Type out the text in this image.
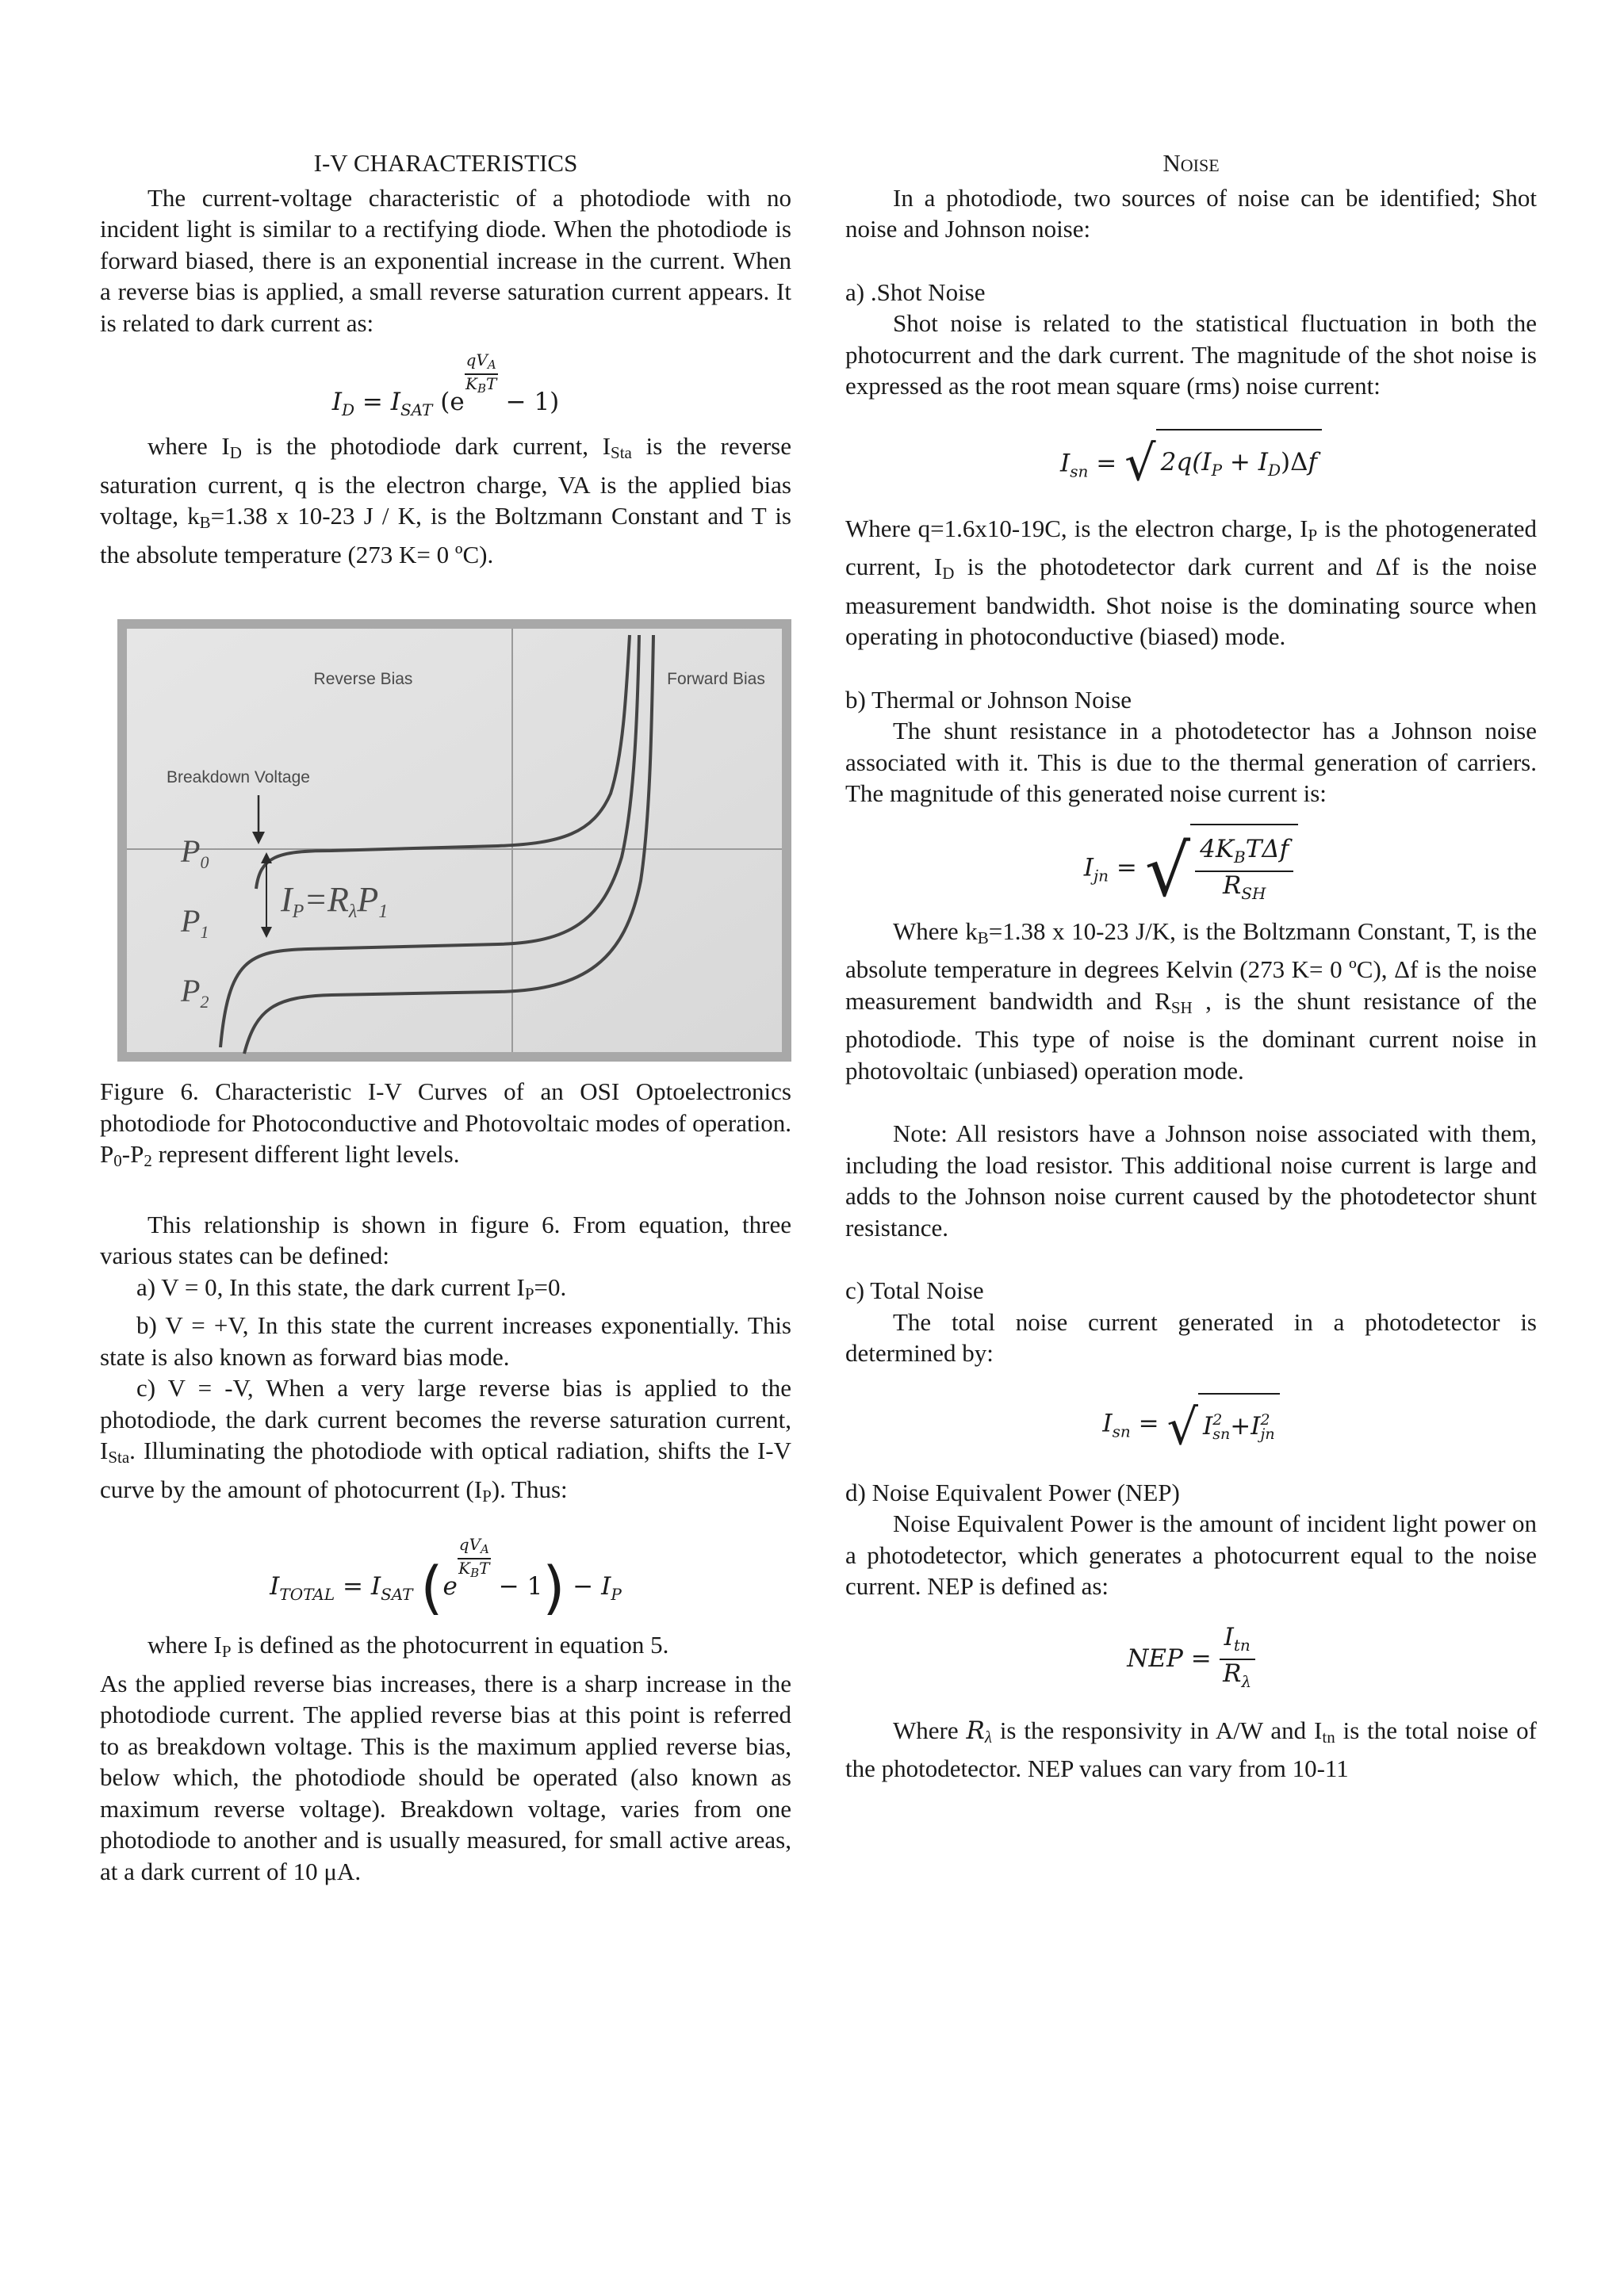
I-V CHARACTERISTICS

The current-voltage characteristic of a photodiode with no incident light is similar to a rectifying diode. When the photodiode is forward biased, there is an exponential increase in the current. When a reverse bias is applied, a small reverse saturation current appears. It is related to dark current as:

$I_D = I_{SAT}$ (e
$\frac{qV_A}{K_BT}$
− 1)

where $I_D$ is the photodiode dark current, $I_{Sta}$ is the reverse saturation current, q is the electron charge, VA is the applied bias voltage, $k_B=1.38$ x 10-23 J / K, is the Boltzmann Constant and T is the absolute temperature (273 K= 0 ºC).

Reverse Bias	Forward Bias
Breakdown Voltage
$P_0$
$P_1$
$P_2$
IP=RλP1

Figure 6. Characteristic I-V Curves of an OSI Optoelectronics photodiode for Photoconductive and Photovoltaic modes of operation. $P_0-P_2$ represent different light levels.

This relationship is shown in figure 6. From equation, three various states can be defined:

a) V = 0, In this state, the dark current $I_P=0$.

b) V = +V, In this state the current increases exponentially. This state is also known as forward bias mode.

c) V = -V, When a very large reverse bias is applied to the photodiode, the dark current becomes the reverse saturation current, $I_{Sta}$. Illuminating the photodiode with optical radiation, shifts the I-V curve by the amount of photocurrent $(I_P)$. Thus:

$I_{TOTAL} = I_{SAT}$ (e
$\frac{qV_A}{K_BT}$
− $1) - I_P$

where $I_P$ is defined as the photocurrent in equation 5.

As the applied reverse bias increases, there is a sharp increase in the photodiode current. The applied reverse bias at this point is referred to as breakdown voltage. This is the maximum applied reverse bias, below which, the photodiode should be operated (also known as maximum reverse voltage). Breakdown voltage, varies from one photodiode to another and is usually measured, for small active areas, at a dark current of 10 μA.

Noise

In a photodiode, two sources of noise can be identified; Shot noise and Johnson noise:

a) .Shot Noise

Shot noise is related to the statistical fluctuation in both the photocurrent and the dark current. The magnitude of the shot noise is expressed as the root mean square (rms) noise current:

$I_{sn}$ = √ $2q(I_P + I_D)\Delta f$

Where q=1.6x10-19C, is the electron charge, $I_P$ is the photogenerated current, $I_D$ is the photodetector dark current and Δf is the noise measurement bandwidth. Shot noise is the dominating source when operating in photoconductive (biased) mode.

b) Thermal or Johnson Noise

The shunt resistance in a photodetector has a Johnson noise associated with it. This is due to the thermal generation of carriers. The magnitude of this generated noise current is:

$I_{jn}$ = √ $\frac{4K_BT\Delta f}{R_{SH}}$

Where $k_B=1.38$ x 10-23 J/K, is the Boltzmann Constant, T, is the absolute temperature in degrees Kelvin (273 K= 0 ºC), Δf is the noise measurement bandwidth and $R_{SH}$ , is the shunt resistance of the photodiode. This type of noise is the dominant current noise in photovoltaic (unbiased) operation mode.

Note: All resistors have a Johnson noise associated with them, including the load resistor. This additional noise current is large and adds to the Johnson noise current caused by the photodetector shunt resistance.

c) Total Noise

The total noise current generated in a photodetector is determined by:

$I_{sn}$ = √ I 2
sn +I 2
jn

d) Noise Equivalent Power (NEP)

Noise Equivalent Power is the amount of incident light power on a photodetector, which generates a photocurrent equal to the noise current. NEP is defined as:

NEP = $\frac{I_{tn}}{R_\lambda}$

Where $R_\lambda$ is the responsivity in A/W and $I_{tn}$ is the total noise of the photodetector. NEP values can vary from 10-11
